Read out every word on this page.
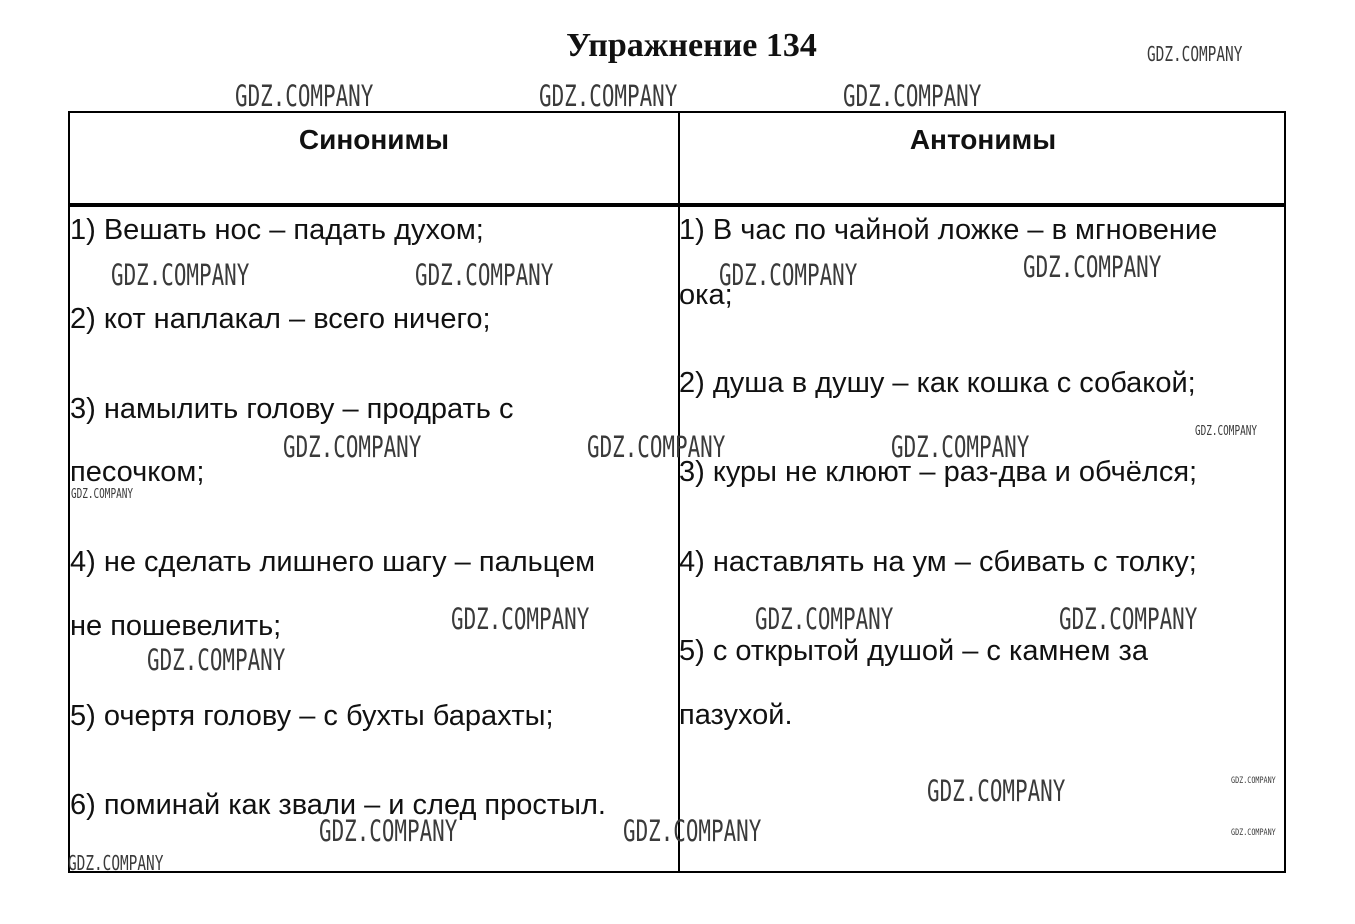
Упражнение 134
Синонимы	Антонимы
1) Вешать нос – падать духом;
2) кот наплакал – всего ничего;
3) намылить голову – продрать с
песочком;
4) не сделать лишнего шагу – пальцем
не пошевелить;
5) очертя голову – с бухты барахты;
6) поминай как звали – и след простыл.
1) В час по чайной ложке – в мгновение
ока;
2) душа в душу – как кошка с собакой;
3) куры не клюют – раз-два и обчёлся;
4) наставлять на ум – сбивать с толку;
5) с открытой душой – с камнем за
пазухой.
GDZ.COMPANY
GDZ.COMPANY	GDZ.COMPANY	GDZ.COMPANY
GDZ.COMPANY	GDZ.COMPANY	GDZ.COMPANY	GDZ.COMPANY
GDZ.COMPANY	GDZ.COMPANY	GDZ.COMPANY	GDZ.COMPANY
GDZ.COMPANY
GDZ.COMPANY	GDZ.COMPANY	GDZ.COMPANY
GDZ.COMPANY
GDZ.COMPANY	GDZ.COMPANY
GDZ.COMPANY
GDZ.COMPANY	GDZ.COMPANY
GDZ.COMPANY
